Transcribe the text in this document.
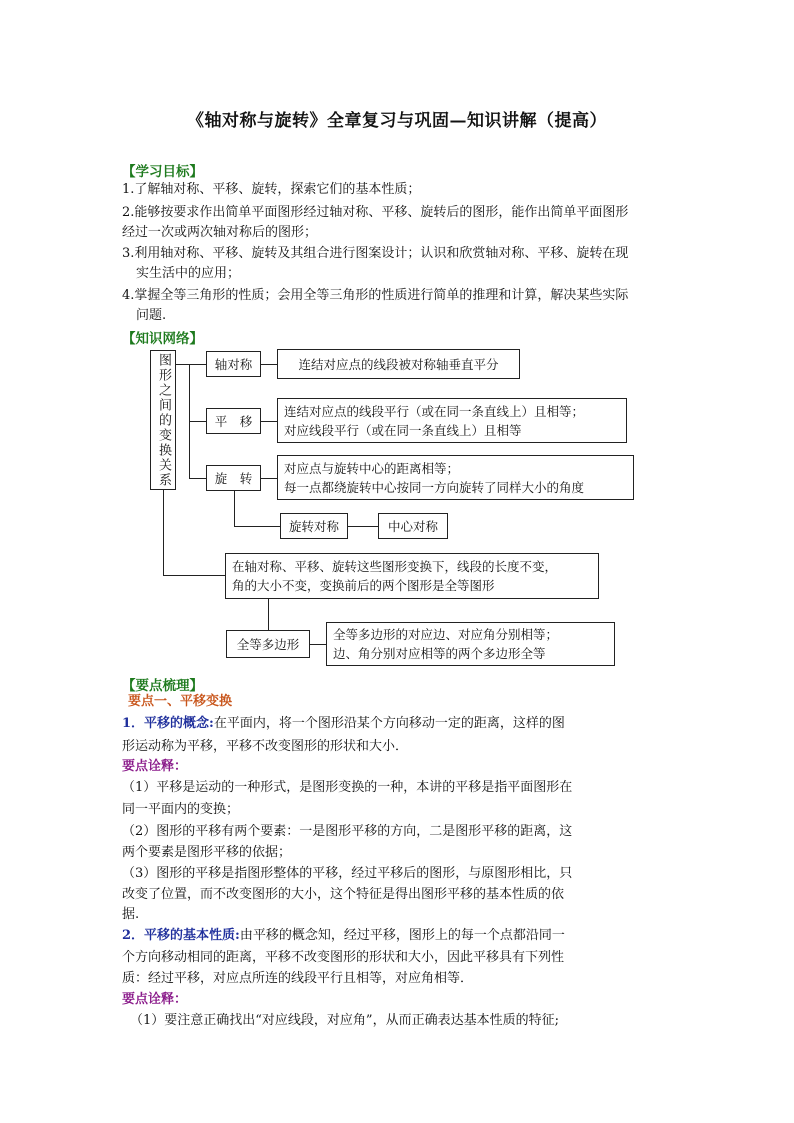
《轴对称与旋转》全章复习与巩固—知识讲解（提高）
【学习目标】
1.了解轴对称、平移、旋转，探索它们的基本性质；
2.能够按要求作出简单平面图形经过轴对称、平移、旋转后的图形，能作出简单平面图形
经过一次或两次轴对称后的图形；
3.利用轴对称、平移、旋转及其组合进行图案设计；认识和欣赏轴对称、平移、旋转在现
实生活中的应用；
4.掌握全等三角形的性质；会用全等三角形的性质进行简单的推理和计算，解决某些实际
问题.
【知识网络】
图形之间的变换关系	轴对称	连结对应点的线段被对称轴垂直平分
平　移
连结对应点的线段平行（或在同一条直线上）且相等；
对应线段平行（或在同一条直线上）且相等
旋　转
对应点与旋转中心的距离相等；
每一点都绕旋转中心按同一方向旋转了同样大小的角度
旋转对称	中心对称
在轴对称、平移、旋转这些图形变换下，线段的长度不变，
角的大小不变，变换前后的两个图形是全等图形
全等多边形
全等多边形的对应边、对应角分别相等；
边、角分别对应相等的两个多边形全等
【要点梳理】
要点一、平移变换
1．平移的概念:在平面内，将一个图形沿某个方向移动一定的距离，这样的图
形运动称为平移，平移不改变图形的形状和大小．
要点诠释：
（1）平移是运动的一种形式，是图形变换的一种，本讲的平移是指平面图形在
同一平面内的变换；
（2）图形的平移有两个要素：一是图形平移的方向，二是图形平移的距离，这
两个要素是图形平移的依据；
（3）图形的平移是指图形整体的平移，经过平移后的图形，与原图形相比，只
改变了位置，而不改变图形的大小，这个特征是得出图形平移的基本性质的依
据.
2．平移的基本性质:由平移的概念知，经过平移，图形上的每一个点都沿同一
个方向移动相同的距离，平移不改变图形的形状和大小，因此平移具有下列性
质：经过平移，对应点所连的线段平行且相等，对应角相等．
要点诠释：
（1）要注意正确找出“对应线段，对应角”，从而正确表达基本性质的特征;
